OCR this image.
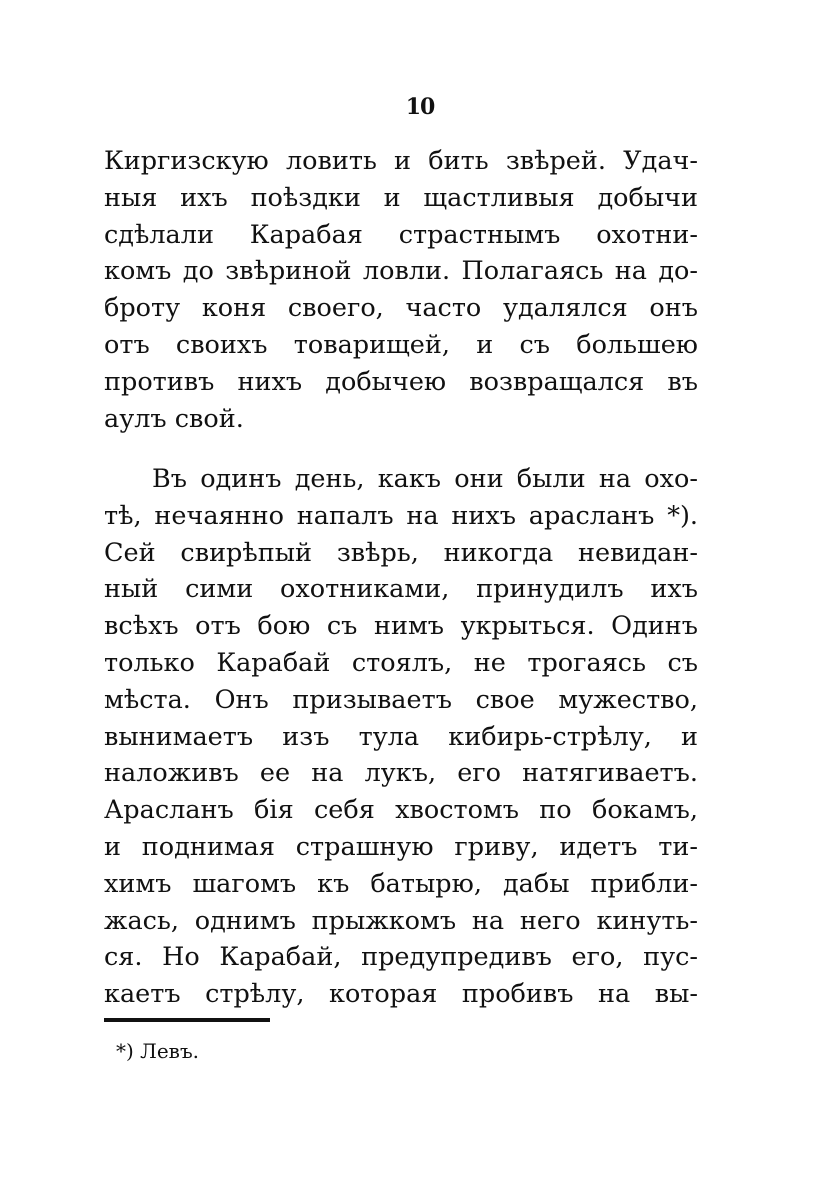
10
Киргизскую ловить и бить звѣрей. Удач-
ныя ихъ поѣздки и щастливыя добычи
сдѣлали Карабая страстнымъ охотни-
комъ до звѣриной ловли. Полагаясь на до-
броту коня своего, часто удалялся онъ
отъ своихъ товарищей, и съ большею
противъ нихъ добычею возвращался въ
аулъ свой.
Въ одинъ день, какъ они были на охо-
тѣ, нечаянно напалъ на нихъ арасланъ *).
Сей свирѣпый звѣрь, никогда невидан-
ный сими охотниками, принудилъ ихъ
всѣхъ отъ бою съ нимъ укрыться. Одинъ
только Карабай стоялъ, не трогаясь съ
мѣста. Онъ призываетъ свое мужество,
вынимаетъ изъ тула кибирь-стрѣлу, и
наложивъ ее на лукъ, его натягиваетъ.
Арасланъ бія себя хвостомъ по бокамъ,
и поднимая страшную гриву, идетъ ти-
химъ шагомъ къ батырю, дабы прибли-
жась, однимъ прыжкомъ на него кинуть-
ся. Но Карабай, предупредивъ его, пус-
каетъ стрѣлу, которая пробивъ на вы-
*) Левъ.
